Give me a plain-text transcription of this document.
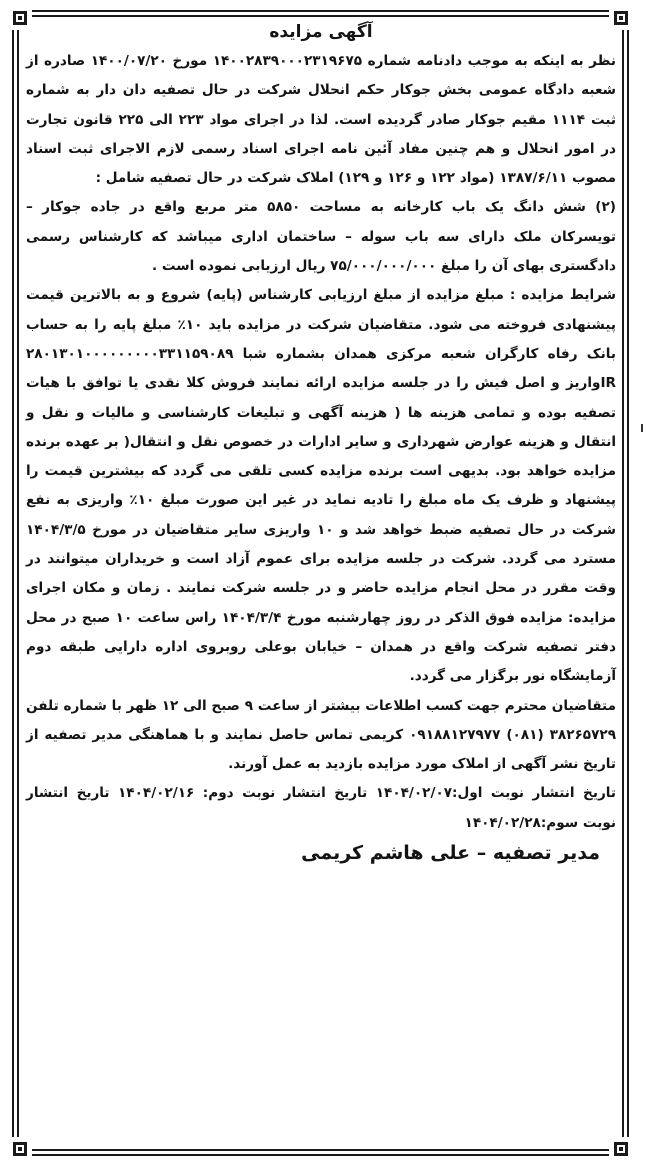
آگهی مزایده

نظر به اینکه به موجب دادنامه شماره ۱۴۰۰۲۸۳۹۰۰۰۲۳۱۹۶۷۵ مورخ ۱۴۰۰/۰۷/۲۰ صادره از شعبه دادگاه عمومی بخش جوکار حکم انحلال شرکت در حال تصفیه دان دار به شماره ثبت ۱۱۱۴ مقیم جوکار صادر گردیده است. لذا در اجرای مواد ۲۲۳ الی ۲۲۵ قانون تجارت در امور انحلال و هم چنین مفاد آئین نامه اجرای اسناد رسمی لازم الاجرای ثبت اسناد مصوب ۱۳۸۷/۶/۱۱ (مواد ۱۲۲ و ۱۲۶ و ۱۲۹) املاک شرکت در حال تصفیه شامل :

(۲) شش دانگ یک باب کارخانه به مساحت ۵۸۵۰ متر مربع واقع در جاده جوکار – تویسرکان ملک دارای سه باب سوله – ساختمان اداری میباشد که کارشناس رسمی دادگستری بهای آن را مبلغ ۷۵/۰۰۰/۰۰۰/۰۰۰ ریال ارزیابی نموده است .

شرایط مزایده : مبلغ مزایده از مبلغ ارزیابی کارشناس (پایه) شروع و به بالاترین قیمت پیشنهادی فروخته می شود. متقاضیان شرکت در مزایده باید ۱۰٪ مبلغ پایه را به حساب بانک رفاه کارگران شعبه مرکزی همدان بشماره شبا ۲۸۰۱۳۰۱۰۰۰۰۰۰۰۰۰۳۳۱۱۵۹۰۸۹ IRواریز و اصل فیش را در جلسه مزایده ارائه نمایند فروش کلا نقدی یا توافق با هیات تصفیه بوده و تمامی هزینه ها ( هزینه آگهی و تبلیغات کارشناسی و مالیات و نقل و انتقال و هزینه عوارض شهرداری و سایر ادارات در خصوص نقل و انتقال( بر عهده برنده مزایده خواهد بود. بدیهی است برنده مزایده کسی تلقی می گردد که بیشترین قیمت را پیشنهاد و ظرف یک ماه مبلغ را تادیه نماید در غیر این صورت مبلغ ۱۰٪ واریزی به نفع شرکت در حال تصفیه ضبط خواهد شد و ۱۰ واریزی سایر متقاضیان در مورخ ۱۴۰۴/۳/۵ مسترد می گردد. شرکت در جلسه مزایده برای عموم آزاد است و خریداران میتوانند در وقت مقرر در محل انجام مزایده حاضر و در جلسه شرکت نمایند . زمان و مکان اجرای مزایده: مزایده فوق الذکر در روز چهارشنبه مورخ ۱۴۰۴/۳/۴ راس ساعت ۱۰ صبح در محل دفتر تصفیه شرکت واقع در همدان – خیابان بوعلی روبروی اداره دارایی طبقه دوم آزمایشگاه نور برگزار می گردد.

متقاضیان محترم جهت کسب اطلاعات بیشتر از ساعت ۹ صبح الی ۱۲ ظهر با شماره تلفن ۳۸۲۶۵۷۲۹ (۰۸۱) ۰۹۱۸۸۱۲۷۹۷۷ کریمی تماس حاصل نمایند و با هماهنگی مدیر تصفیه از تاریخ نشر آگهی از املاک مورد مزایده بازدید به عمل آورند.

تاریخ انتشار نوبت اول:۱۴۰۴/۰۲/۰۷ تاریخ انتشار نوبت دوم: ۱۴۰۴/۰۲/۱۶ تاریخ انتشار نوبت سوم:۱۴۰۴/۰۲/۲۸

مدیر تصفیه – علی هاشم کریمی
